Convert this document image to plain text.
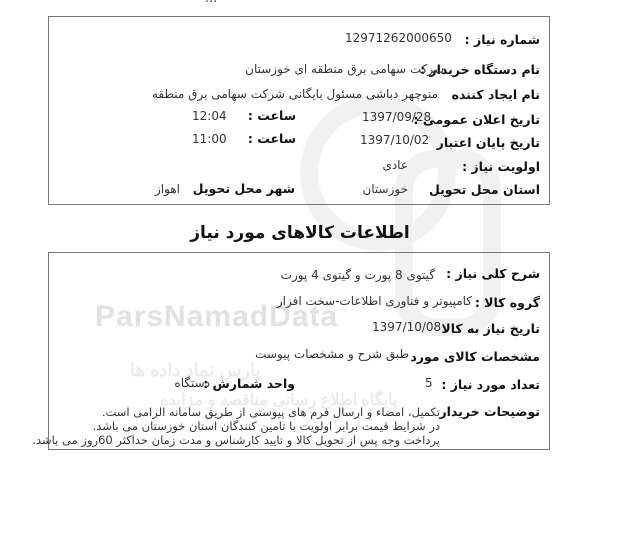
ParsNamadData
پارس نماد داده ها
پایگاه اطلاع رسانی مناقصه و مزایده
شماره نیاز :
12971262000650
نام دستگاه خریدار :
شرکت سهامی برق منطقه ای خوزستان
نام ایجاد کننده
منوچهر دباشی مسئول بایگانی شرکت سهامی برق منطقه
تاریخ اعلان عمومی :
1397/09/28
ساعت :
12:04
تاریخ پایان اعتبار
1397/10/02
ساعت :
11:00
اولویت نیاز :
عادی
استان محل تحویل
خوزستان
شهر محل تحویل
اهواز
اطلاعات کالاهای مورد نیاز
شرح کلی نیاز :
گیتوی 8 پورت و گیتوی 4 پورت
گروه کالا :
کامپیوتر و فناوری اطلاعات-سخت افزار
تاریخ نیاز به کالا
1397/10/08
مشخصات کالای مورد
طبق شرح و مشخصات پیوست
تعداد مورد نیاز :
5
واحد شمارش :
دستگاه
توضیحات خریدار
تکمیل، امضاء و ارسال فرم های پیوستی از طریق سامانه الزامی است.
در شرایط قیمت برابر اولویت با تامین کنندگان استان خوزستان می باشد.
پرداخت وجه پس از تحویل کالا و تایید کارشناس و مدت زمان حداکثر 60روز می باشد.
